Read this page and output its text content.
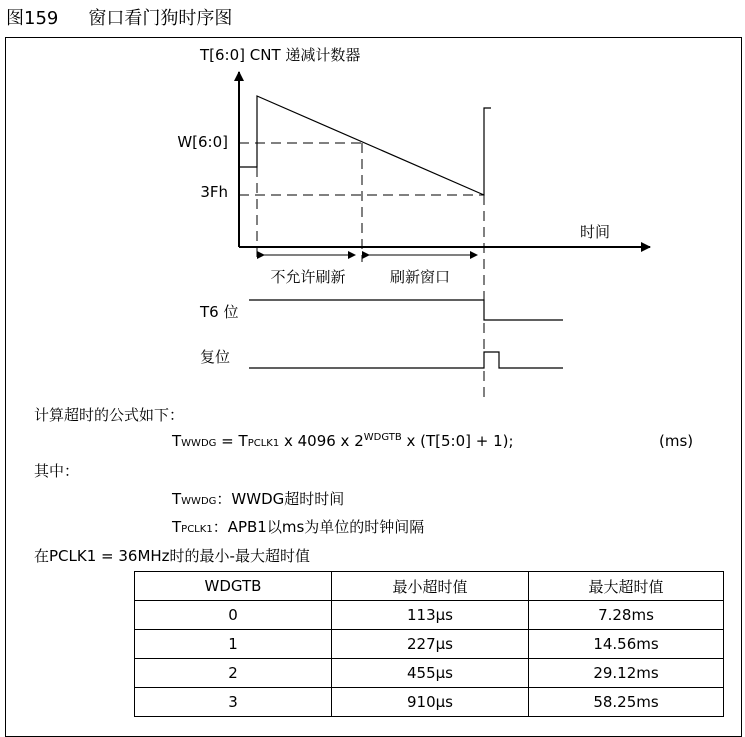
图159 窗口看门狗时序图
T[6:0] CNT 递减计数器
时间
W[6:0]
3Fh
不允许刷新	刷新窗口
T6 位
复位
计算超时的公式如下：
TWWDG = TPCLK1 x 4096 x $2^{WDGTB}$ x (T[5:0] + 1);	(ms)
其中：
TWWDG：WWDG超时时间
TPCLK1：APB1以ms为单位的时钟间隔
在PCLK1 = 36MHz时的最小-最大超时值
WDGTB	最小超时值	最大超时值
0	113µs	7.28ms
1	227µs	14.56ms
2	455µs	29.12ms
3	910µs	58.25ms
